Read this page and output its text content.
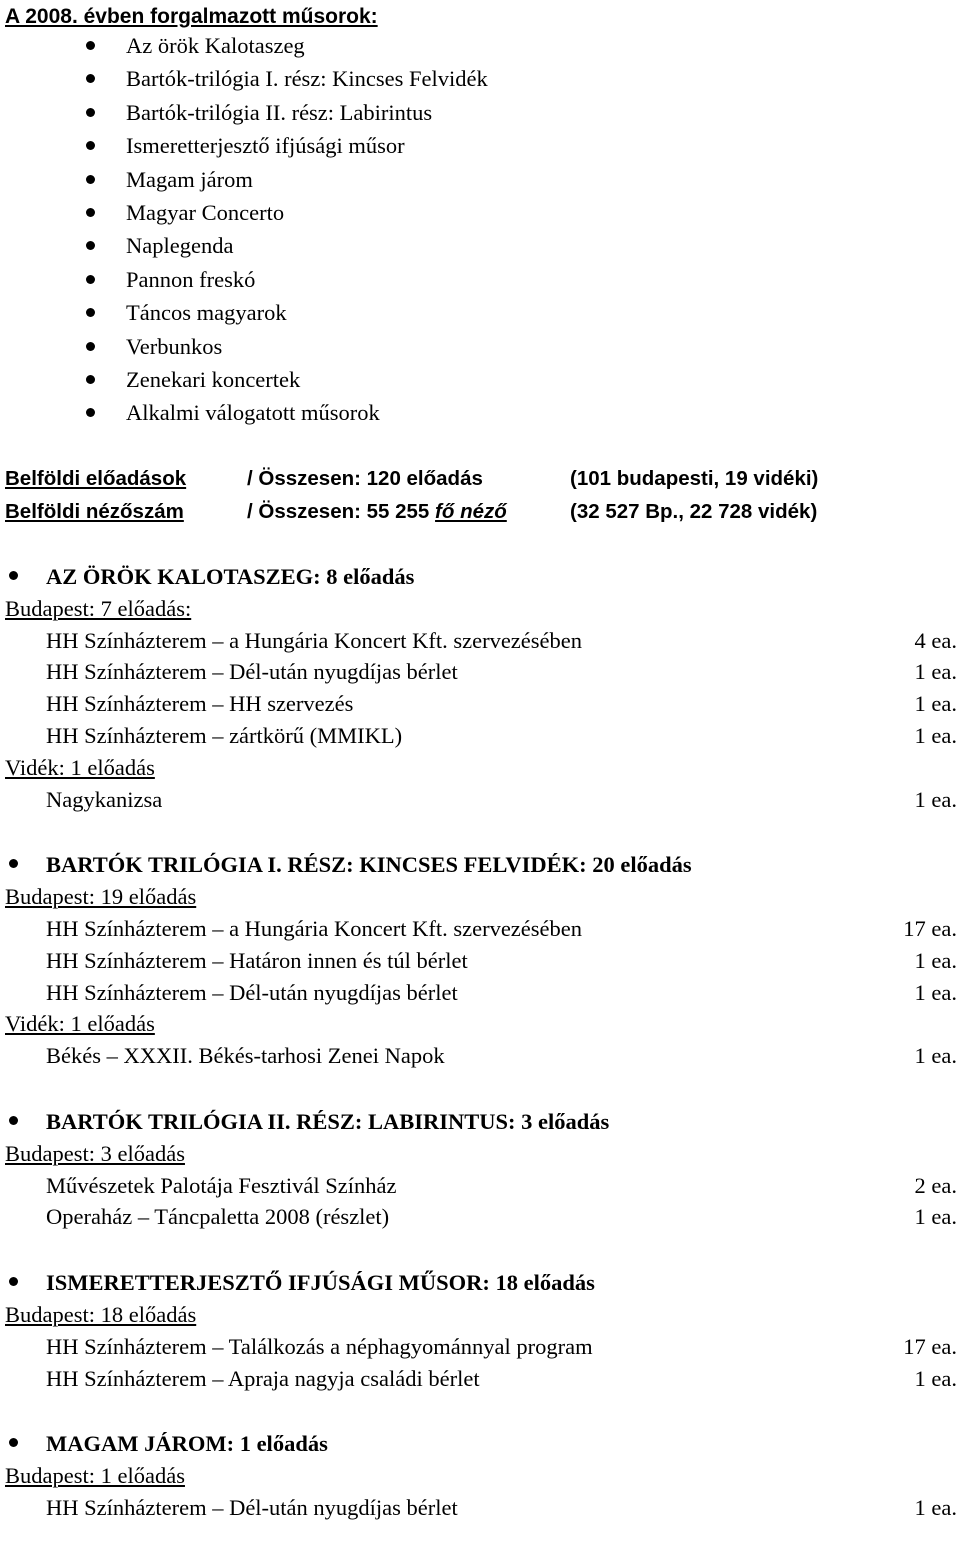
A 2008. évben forgalmazott műsorok:
Az örök Kalotaszeg
Bartók-trilógia I. rész: Kincses Felvidék
Bartók-trilógia II. rész: Labirintus
Ismeretterjesztő ifjúsági műsor
Magam járom
Magyar Concerto
Naplegenda
Pannon freskó
Táncos magyarok
Verbunkos
Zenekari koncertek
Alkalmi válogatott műsorok
Belföldi előadások	/ Összesen: 120 előadás	(101 budapesti, 19 vidéki)
Belföldi nézőszám	/ Összesen: 55 255 fő néző	(32 527 Bp., 22 728 vidék)
AZ ÖRÖK KALOTASZEG: 8 előadás
Budapest: 7 előadás:
HH Színházterem – a Hungária Koncert Kft. szervezésében	4 ea.
HH Színházterem – Dél-után nyugdíjas bérlet	1 ea.
HH Színházterem – HH szervezés	1 ea.
HH Színházterem – zártkörű (MMIKL)	1 ea.
Vidék: 1 előadás
Nagykanizsa	1 ea.
BARTÓK TRILÓGIA I. RÉSZ: KINCSES FELVIDÉK: 20 előadás
Budapest: 19 előadás
HH Színházterem – a Hungária Koncert Kft. szervezésében	17 ea.
HH Színházterem – Határon innen és túl bérlet	1 ea.
HH Színházterem – Dél-után nyugdíjas bérlet	1 ea.
Vidék: 1 előadás
Békés – XXXII. Békés-tarhosi Zenei Napok	1 ea.
BARTÓK TRILÓGIA II. RÉSZ: LABIRINTUS: 3 előadás
Budapest: 3 előadás
Művészetek Palotája Fesztivál Színház	2 ea.
Operaház – Táncpaletta 2008 (részlet)	1 ea.
ISMERETTERJESZTŐ IFJÚSÁGI MŰSOR: 18 előadás
Budapest: 18 előadás
HH Színházterem – Találkozás a néphagyománnyal program	17 ea.
HH Színházterem – Apraja nagyja családi bérlet	1 ea.
MAGAM JÁROM: 1 előadás
Budapest: 1 előadás
HH Színházterem – Dél-után nyugdíjas bérlet	1 ea.
